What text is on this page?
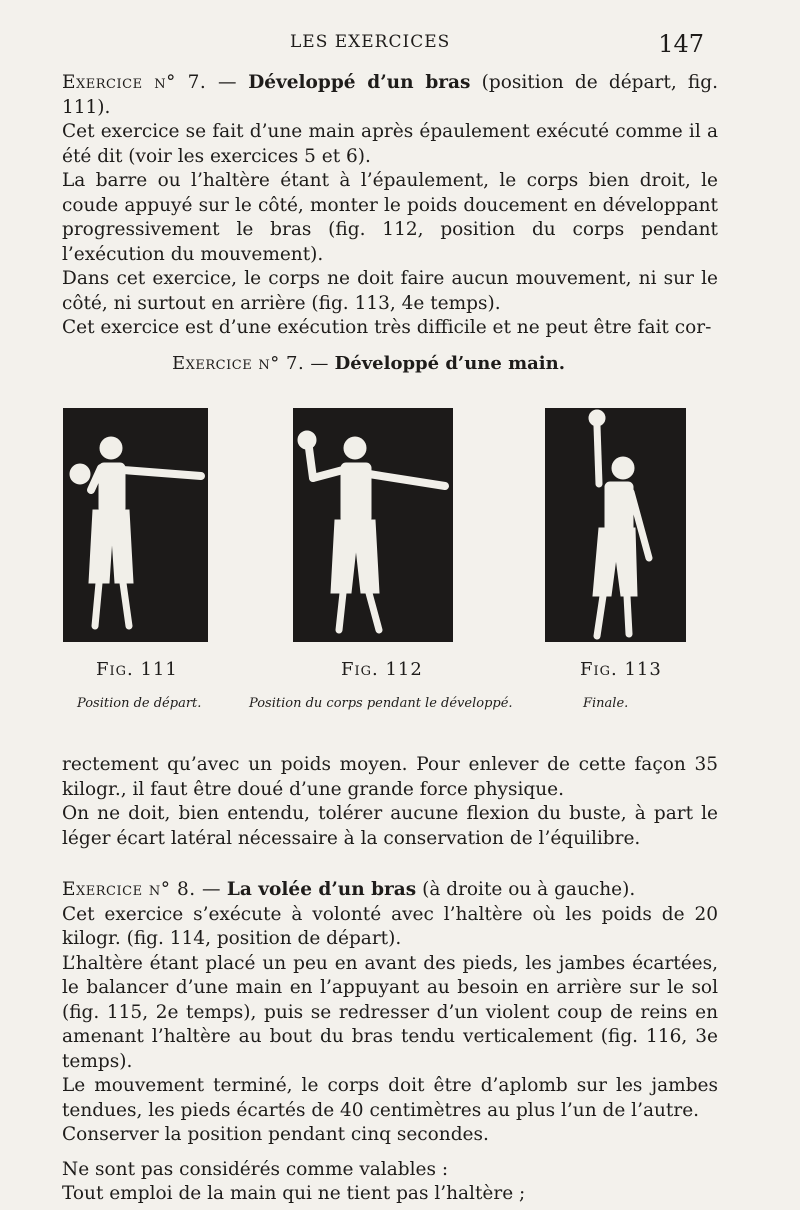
LES EXERCICES	147

Exercice n° 7. — Développé d’un bras (position de départ, fig. 111).

Cet exercice se fait d’une main après épaulement exécuté comme il a été dit (voir les exercices 5 et 6).

La barre ou l’haltère étant à l’épaulement, le corps bien droit, le coude appuyé sur le côté, monter le poids doucement en développant progressivement le bras (fig. 112, position du corps pendant l’exécution du mouvement).

Dans cet exercice, le corps ne doit faire aucun mouvement, ni sur le côté, ni surtout en arrière (fig. 113, 4e temps).

Cet exercice est d’une exécution très difficile et ne peut être fait cor-

Exercice n° 7. — Développé d’une main.
Fig. 111	Fig. 112	Fig. 113
Position de départ.	Position du corps pendant le développé.	Finale.

rectement qu’avec un poids moyen. Pour enlever de cette façon 35 kilogr., il faut être doué d’une grande force physique.

On ne doit, bien entendu, tolérer aucune flexion du buste, à part le léger écart latéral nécessaire à la conservation de l’équilibre.

Exercice n° 8. — La volée d’un bras (à droite ou à gauche).

Cet exercice s’exécute à volonté avec l’haltère où les poids de 20 kilogr. (fig. 114, position de départ).

L’haltère étant placé un peu en avant des pieds, les jambes écartées, le balancer d’une main en l’appuyant au besoin en arrière sur le sol (fig. 115, 2e temps), puis se redresser d’un violent coup de reins en amenant l’haltère au bout du bras tendu verticalement (fig. 116, 3e temps).

Le mouvement terminé, le corps doit être d’aplomb sur les jambes tendues, les pieds écartés de 40 centimètres au plus l’un de l’autre.

Conserver la position pendant cinq secondes.

Ne sont pas considérés comme valables :

Tout emploi de la main qui ne tient pas l’haltère ;
